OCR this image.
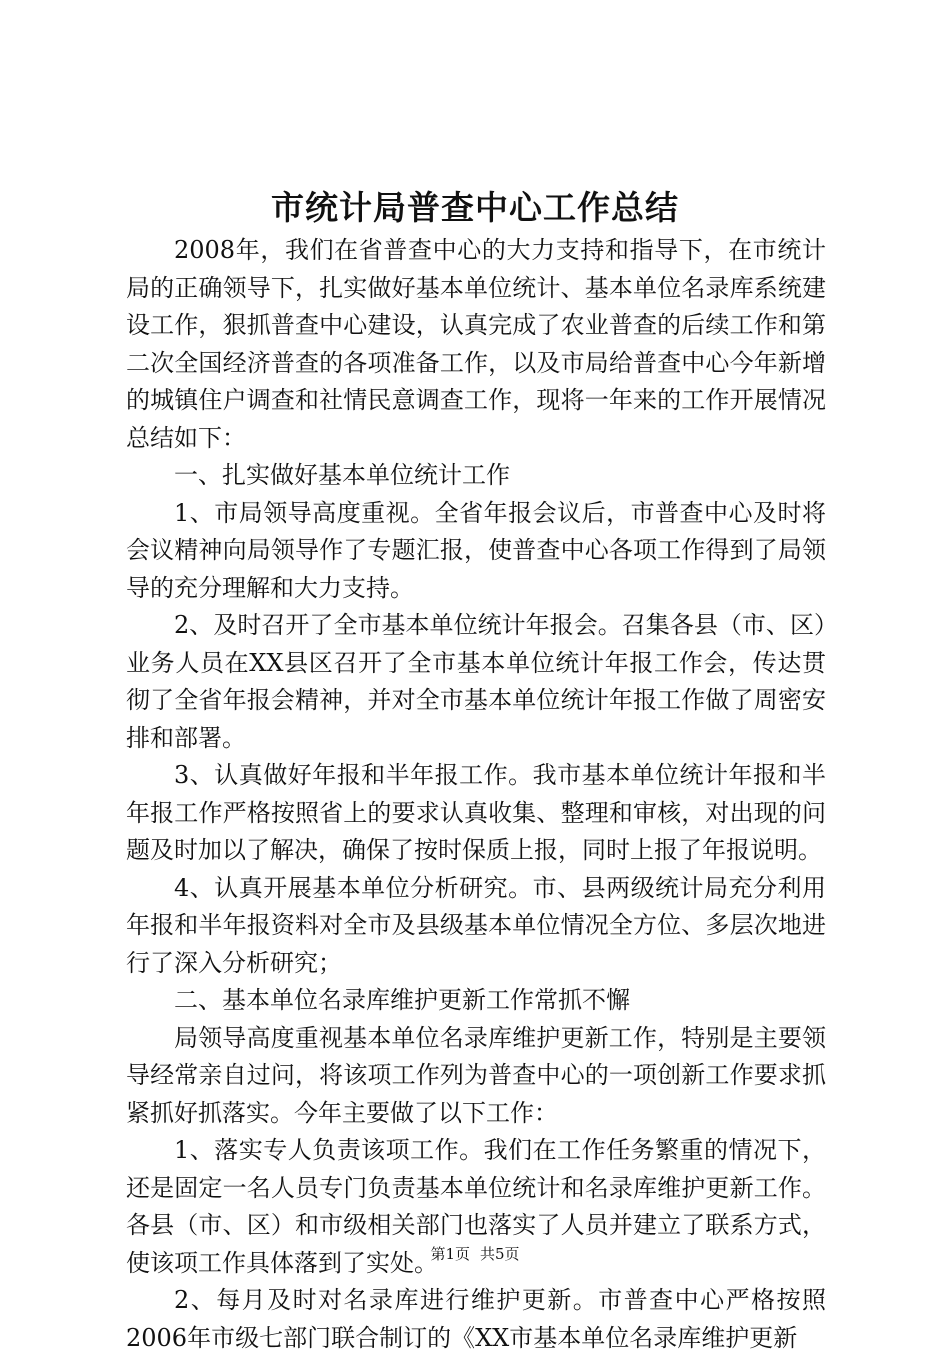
市统计局普查中心工作总结

2008年，我们在省普查中心的大力支持和指导下，在市统计局的正确领导下，扎实做好基本单位统计、基本单位名录库系统建设工作，狠抓普查中心建设，认真完成了农业普查的后续工作和第二次全国经济普查的各项准备工作，以及市局给普查中心今年新增的城镇住户调查和社情民意调查工作，现将一年来的工作开展情况总结如下：

一、扎实做好基本单位统计工作

1、市局领导高度重视。全省年报会议后，市普查中心及时将会议精神向局领导作了专题汇报，使普查中心各项工作得到了局领导的充分理解和大力支持。

2、及时召开了全市基本单位统计年报会。召集各县（市、区）业务人员在XX县区召开了全市基本单位统计年报工作会，传达贯彻了全省年报会精神，并对全市基本单位统计年报工作做了周密安排和部署。

3、认真做好年报和半年报工作。我市基本单位统计年报和半年报工作严格按照省上的要求认真收集、整理和审核，对出现的问题及时加以了解决，确保了按时保质上报，同时上报了年报说明。

4、认真开展基本单位分析研究。市、县两级统计局充分利用年报和半年报资料对全市及县级基本单位情况全方位、多层次地进行了深入分析研究；

二、基本单位名录库维护更新工作常抓不懈

局领导高度重视基本单位名录库维护更新工作，特别是主要领导经常亲自过问，将该项工作列为普查中心的一项创新工作要求抓紧抓好抓落实。今年主要做了以下工作：

1、落实专人负责该项工作。我们在工作任务繁重的情况下，还是固定一名人员专门负责基本单位统计和名录库维护更新工作。各县（市、区）和市级相关部门也落实了人员并建立了联系方式，使该项工作具体落到了实处。

2、每月及时对名录库进行维护更新。市普查中心严格按照2006年市级七部门联合制订的《XX市基本单位名录库维护更新

第1页 共5页
